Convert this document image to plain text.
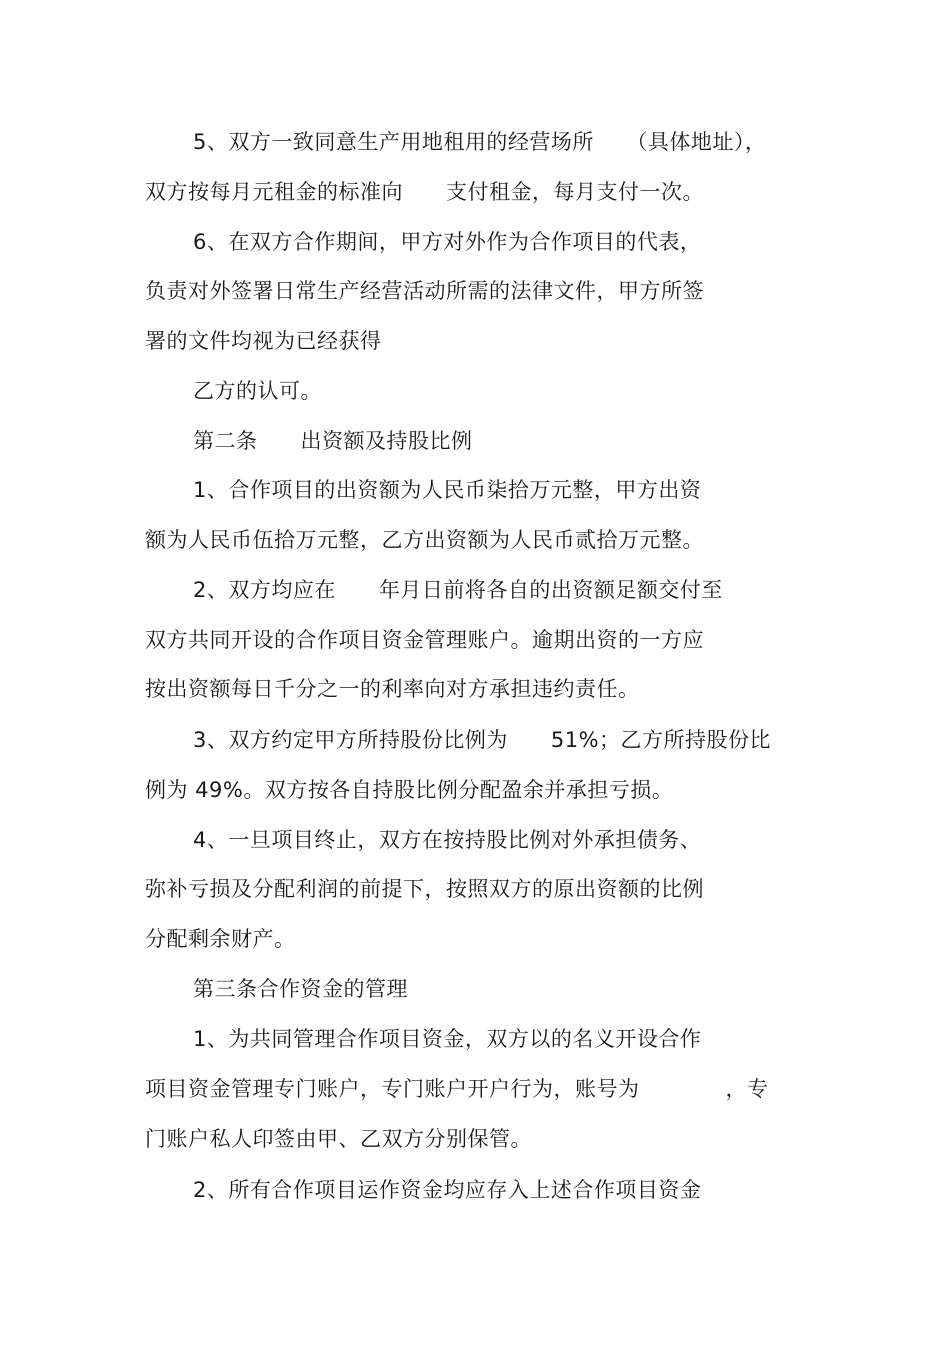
5、双方一致同意生产用地租用的经营场所　　（具体地址），
双方按每月元租金的标准向　　支付租金，每月支付一次。
6、在双方合作期间，甲方对外作为合作项目的代表，
负责对外签署日常生产经营活动所需的法律文件，甲方所签
署的文件均视为已经获得
乙方的认可。
第二条　　出资额及持股比例
1、合作项目的出资额为人民币柒拾万元整，甲方出资
额为人民币伍拾万元整，乙方出资额为人民币贰拾万元整。
2、双方均应在　　年月日前将各自的出资额足额交付至
双方共同开设的合作项目资金管理账户。逾期出资的一方应
按出资额每日千分之一的利率向对方承担违约责任。
3、双方约定甲方所持股份比例为　　51%；乙方所持股份比
例为 49%。双方按各自持股比例分配盈余并承担亏损。
4、一旦项目终止，双方在按持股比例对外承担债务、
弥补亏损及分配利润的前提下，按照双方的原出资额的比例
分配剩余财产。
第三条合作资金的管理
1、为共同管理合作项目资金，双方以的名义开设合作
项目资金管理专门账户，专门账户开户行为，账号为　　　　，专
门账户私人印签由甲、乙双方分别保管。
2、所有合作项目运作资金均应存入上述合作项目资金
